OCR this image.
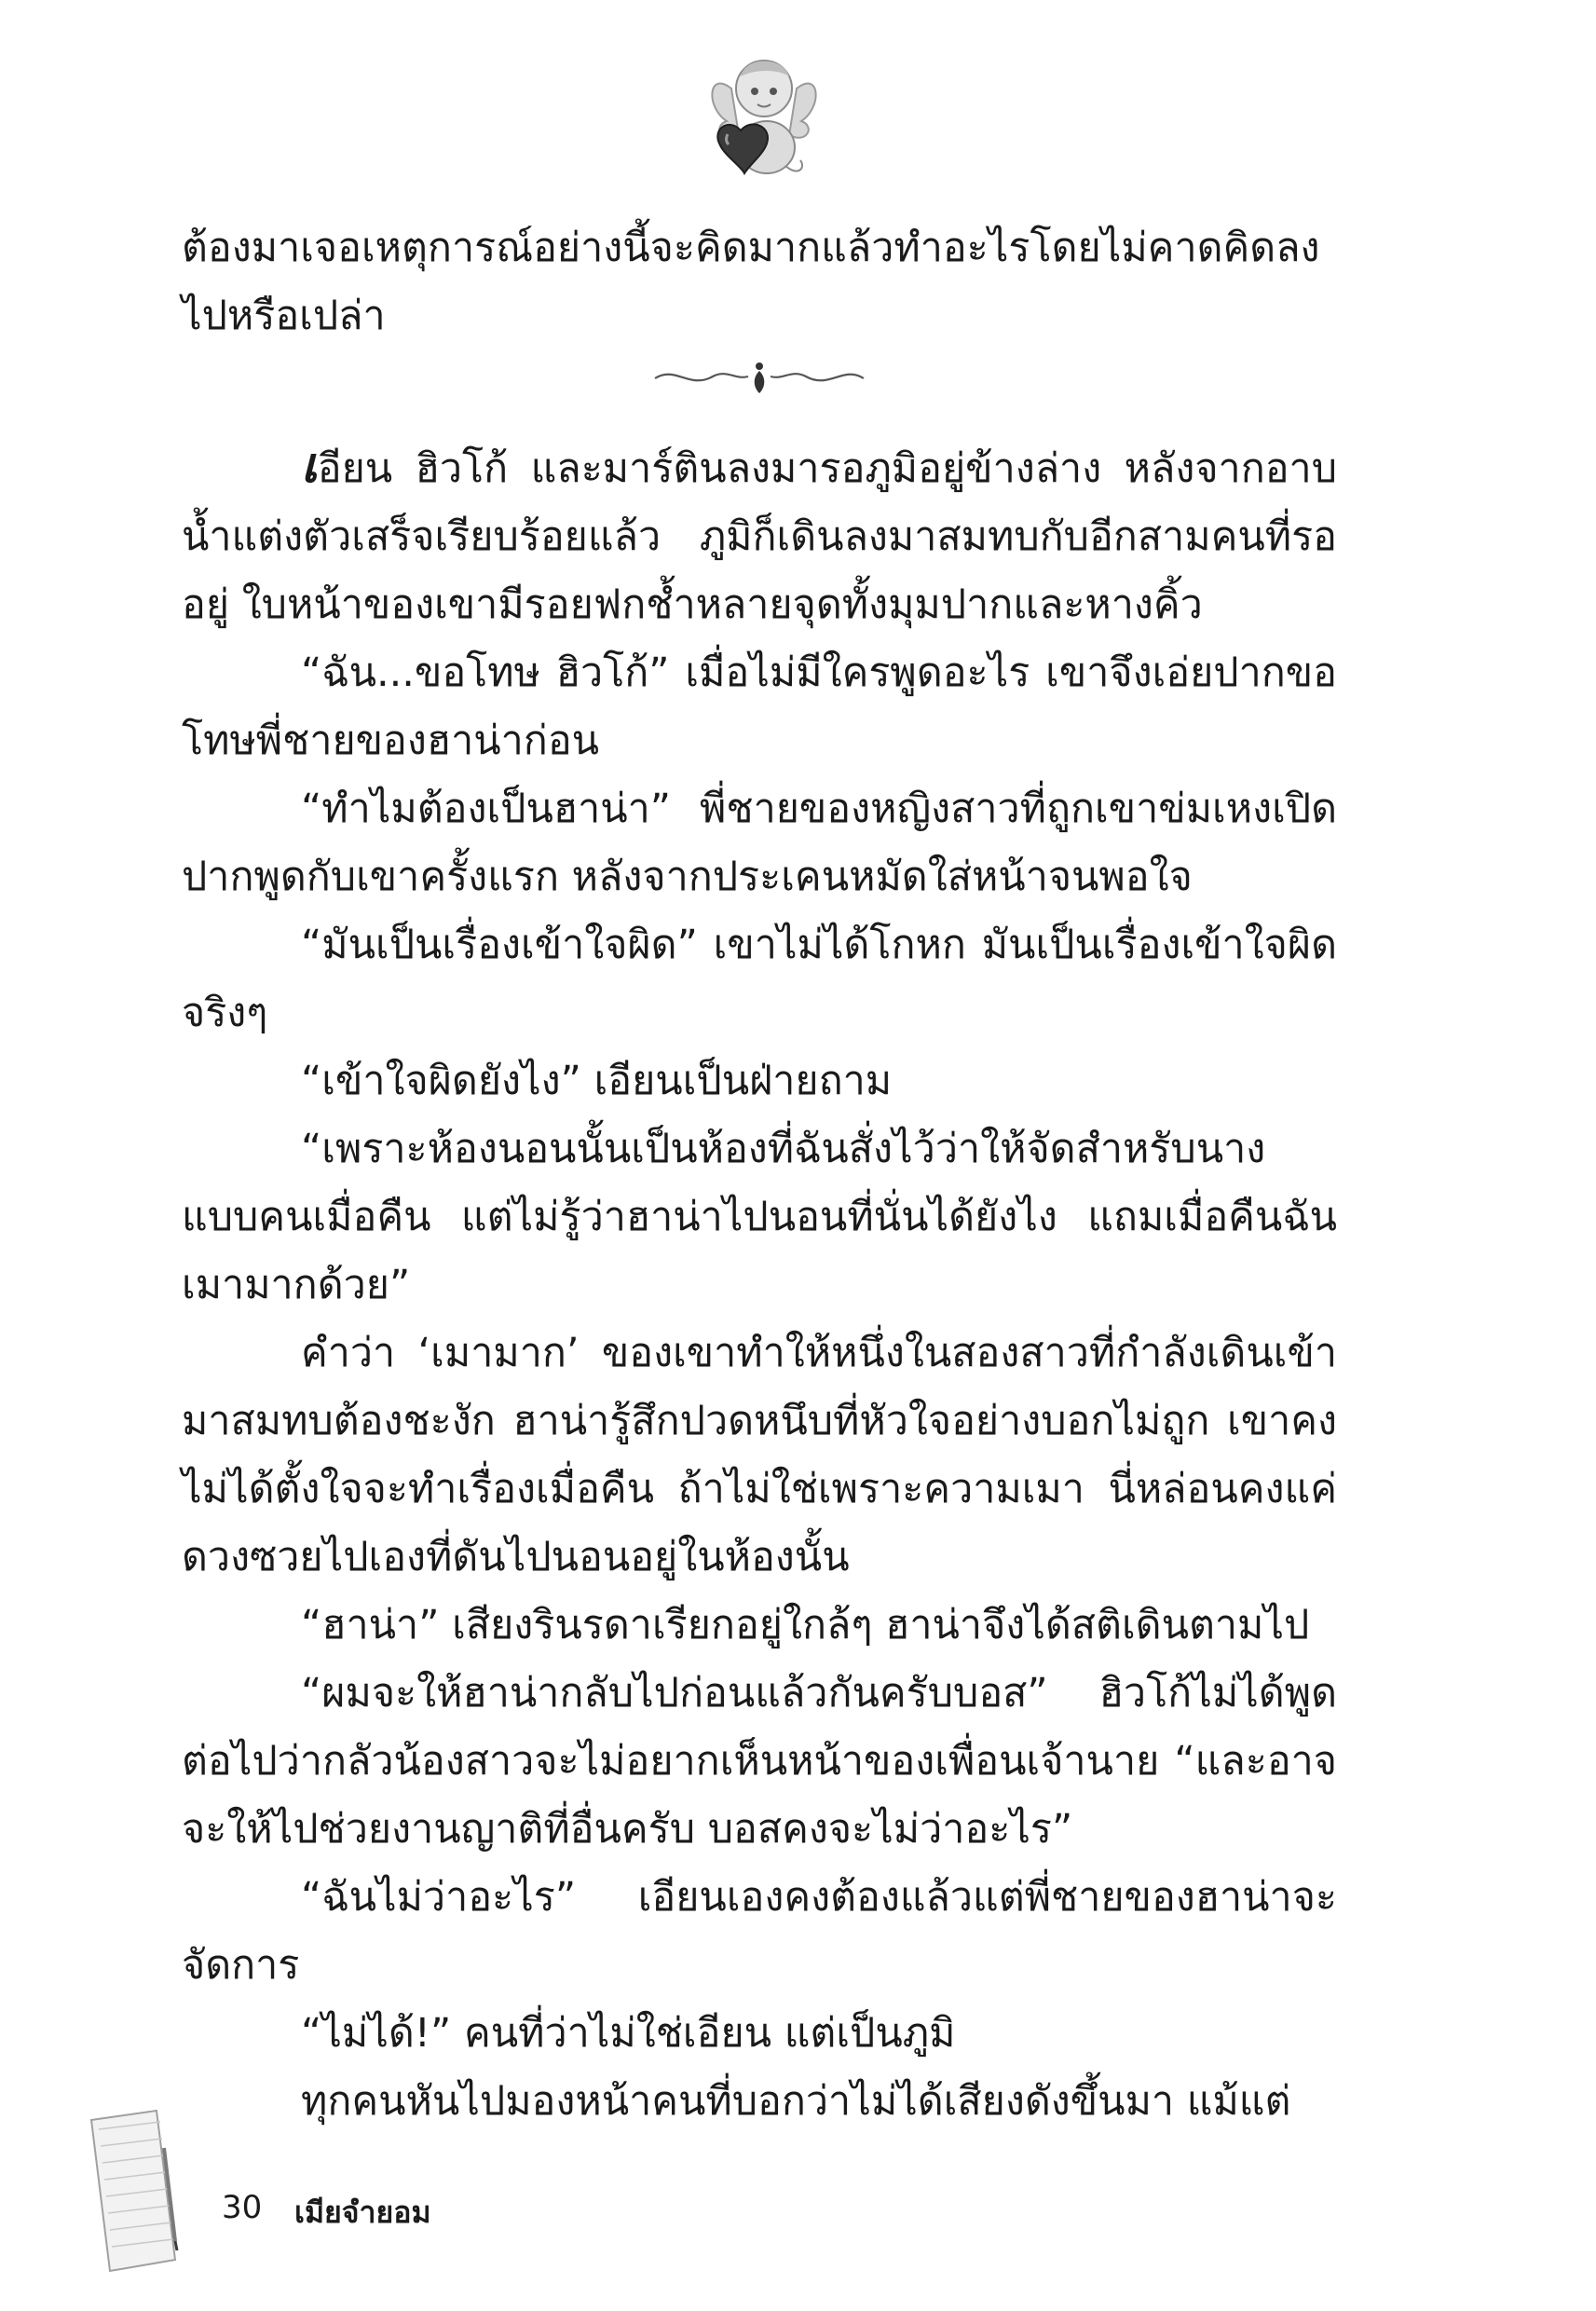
ต้องมาเจอเหตุการณ์อย่างนี้จะคิดมากแล้วทำอะไรโดยไม่คาดคิดลงไปหรือเปล่า

เอียน ฮิวโก้ และมาร์ตินลงมารอภูมิอยู่ข้างล่าง หลังจากอาบน้ำแต่งตัวเสร็จเรียบร้อยแล้ว ภูมิก็เดินลงมาสมทบกับอีกสามคนที่รออยู่ ใบหน้าของเขามีรอยฟกช้ำหลายจุดทั้งมุมปากและหางคิ้ว

“ฉัน...ขอโทษ ฮิวโก้” เมื่อไม่มีใครพูดอะไร เขาจึงเอ่ยปากขอโทษพี่ชายของฮาน่าก่อน

“ทำไมต้องเป็นฮาน่า” พี่ชายของหญิงสาวที่ถูกเขาข่มเหงเปิดปากพูดกับเขาครั้งแรก หลังจากประเคนหมัดใส่หน้าจนพอใจ

“มันเป็นเรื่องเข้าใจผิด” เขาไม่ได้โกหก มันเป็นเรื่องเข้าใจผิดจริงๆ

“เข้าใจผิดยังไง” เอียนเป็นฝ่ายถาม

“เพราะห้องนอนนั้นเป็นห้องที่ฉันสั่งไว้ว่าให้จัดสำหรับนางแบบคนเมื่อคืน แต่ไม่รู้ว่าฮาน่าไปนอนที่นั่นได้ยังไง แถมเมื่อคืนฉันเมามากด้วย”

คำว่า ‘เมามาก’ ของเขาทำให้หนึ่งในสองสาวที่กำลังเดินเข้ามาสมทบต้องชะงัก ฮาน่ารู้สึกปวดหนึบที่หัวใจอย่างบอกไม่ถูก เขาคงไม่ได้ตั้งใจจะทำเรื่องเมื่อคืน ถ้าไม่ใช่เพราะความเมา นี่หล่อนคงแค่ดวงซวยไปเองที่ดันไปนอนอยู่ในห้องนั้น

“ฮาน่า” เสียงรินรดาเรียกอยู่ใกล้ๆ ฮาน่าจึงได้สติเดินตามไป

“ผมจะให้ฮาน่ากลับไปก่อนแล้วกันครับบอส” ฮิวโก้ไม่ได้พูดต่อไปว่ากลัวน้องสาวจะไม่อยากเห็นหน้าของเพื่อนเจ้านาย “และอาจจะให้ไปช่วยงานญาติที่อื่นครับ บอสคงจะไม่ว่าอะไร”

“ฉันไม่ว่าอะไร” เอียนเองคงต้องแล้วแต่พี่ชายของฮาน่าจะจัดการ

“ไม่ได้!” คนที่ว่าไม่ใช่เอียน แต่เป็นภูมิ

ทุกคนหันไปมองหน้าคนที่บอกว่าไม่ได้เสียงดังขึ้นมา แม้แต่

30 เมียจำยอม
